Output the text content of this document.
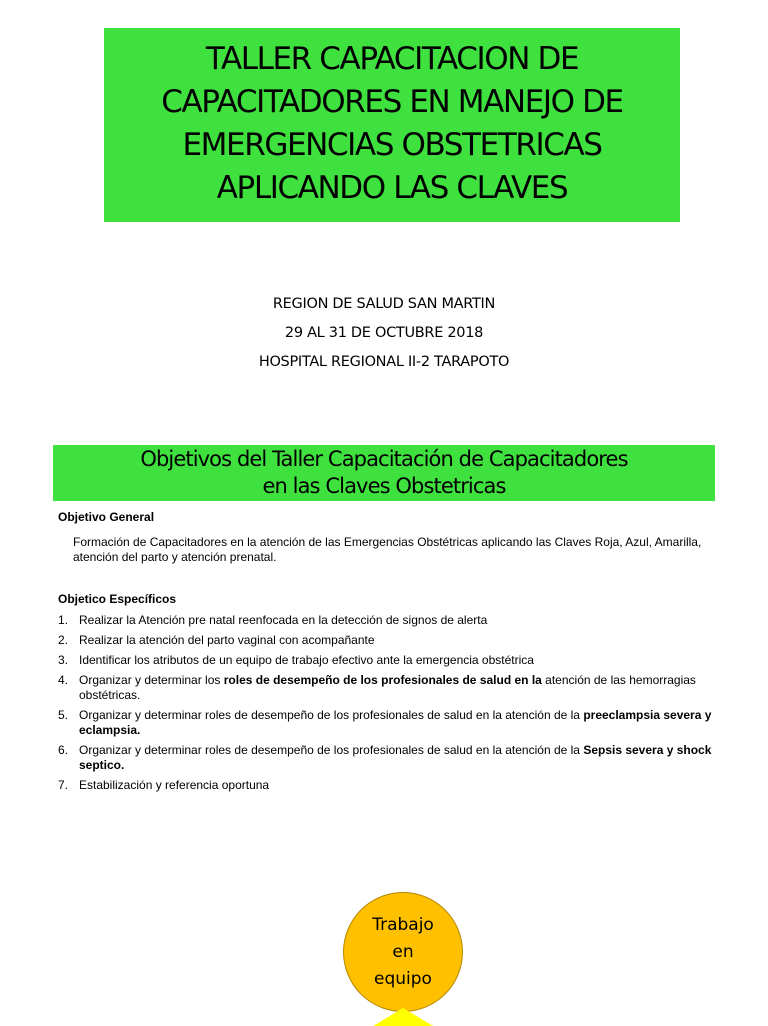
TALLER CAPACITACION DE
CAPACITADORES EN MANEJO DE
EMERGENCIAS OBSTETRICAS
APLICANDO LAS CLAVES
REGION DE SALUD SAN MARTIN
29 AL 31 DE OCTUBRE 2018
HOSPITAL REGIONAL II-2 TARAPOTO
Objetivos del Taller Capacitación de Capacitadores
en las Claves Obstetricas
Objetivo General
Formación de Capacitadores en la atención de las Emergencias Obstétricas aplicando las Claves Roja, Azul, Amarilla, atención del parto y atención prenatal.
Objetico Específicos
1. Realizar la Atención pre natal reenfocada en la detección de signos de alerta
2. Realizar la atención del parto vaginal con acompañante
3. Identificar los atributos de un equipo de trabajo efectivo ante la emergencia obstétrica
4. Organizar y determinar los roles de desempeño de los profesionales de salud en la atención de las hemorragias obstétricas.
5. Organizar y determinar roles de desempeño de los profesionales de salud en la atención de la preeclampsia severa y eclampsia.
6. Organizar y determinar roles de desempeño de los profesionales de salud en la atención de la Sepsis severa y shock septico.
7. Estabilización y referencia oportuna
Trabajo
en
equipo
